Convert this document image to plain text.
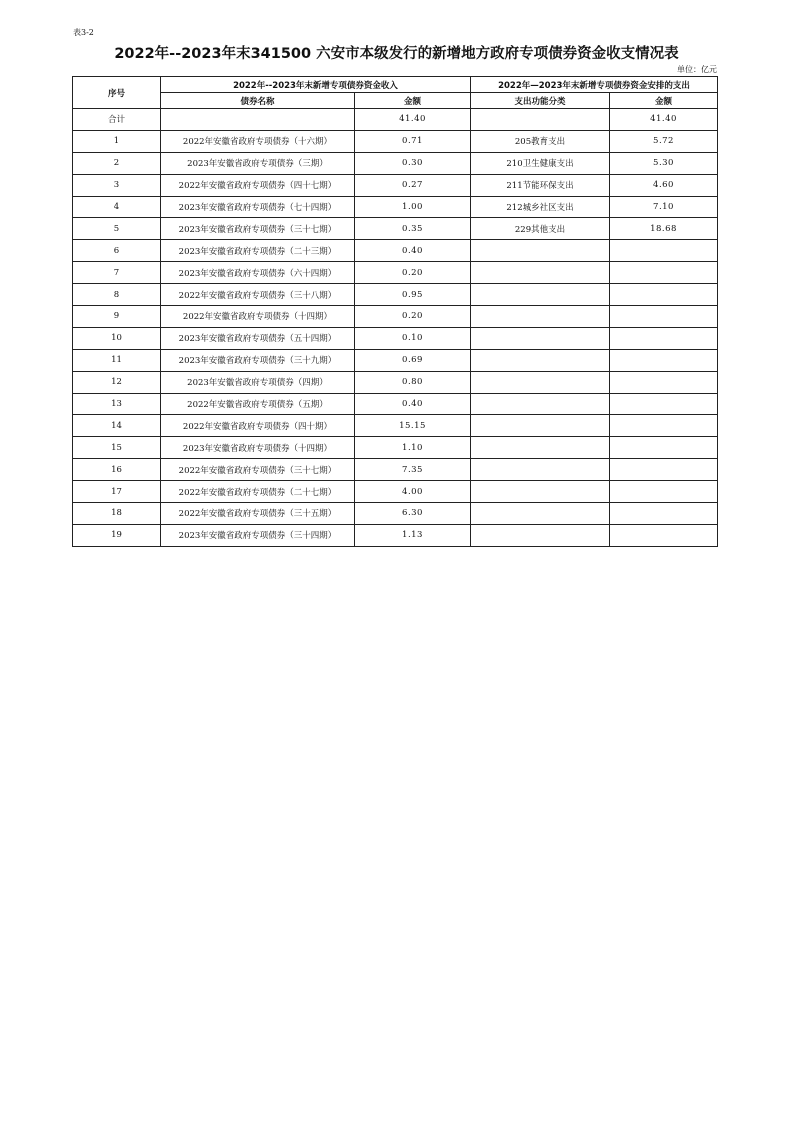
表3-2
2022年--2023年末341500 六安市本级发行的新增地方政府专项债券资金收支情况表
单位：亿元
序号	2022年--2023年末新增专项债券资金收入		2022年—2023年末新增专项债券资金安排的支出	
	债券名称	金额	支出功能分类	金额
合计		41.40		41.40
1	2022年安徽省政府专项债券（十六期）	0.71	205教育支出	5.72
2	2023年安徽省政府专项债券（三期）	0.30	210卫生健康支出	5.30
3	2022年安徽省政府专项债券（四十七期）	0.27	211节能环保支出	4.60
4	2023年安徽省政府专项债券（七十四期）	1.00	212城乡社区支出	7.10
5	2023年安徽省政府专项债券（三十七期）	0.35	229其他支出	18.68
6	2023年安徽省政府专项债券（二十三期）	0.40		
7	2023年安徽省政府专项债券（六十四期）	0.20		
8	2022年安徽省政府专项债券（三十八期）	0.95		
9	2022年安徽省政府专项债券（十四期）	0.20		
10	2023年安徽省政府专项债券（五十四期）	0.10		
11	2023年安徽省政府专项债券（三十九期）	0.69		
12	2023年安徽省政府专项债券（四期）	0.80		
13	2022年安徽省政府专项债券（五期）	0.40		
14	2022年安徽省政府专项债券（四十期）	15.15		
15	2023年安徽省政府专项债券（十四期）	1.10		
16	2022年安徽省政府专项债券（三十七期）	7.35		
17	2022年安徽省政府专项债券（二十七期）	4.00		
18	2022年安徽省政府专项债券（三十五期）	6.30		
19	2023年安徽省政府专项债券（三十四期）	1.13		
